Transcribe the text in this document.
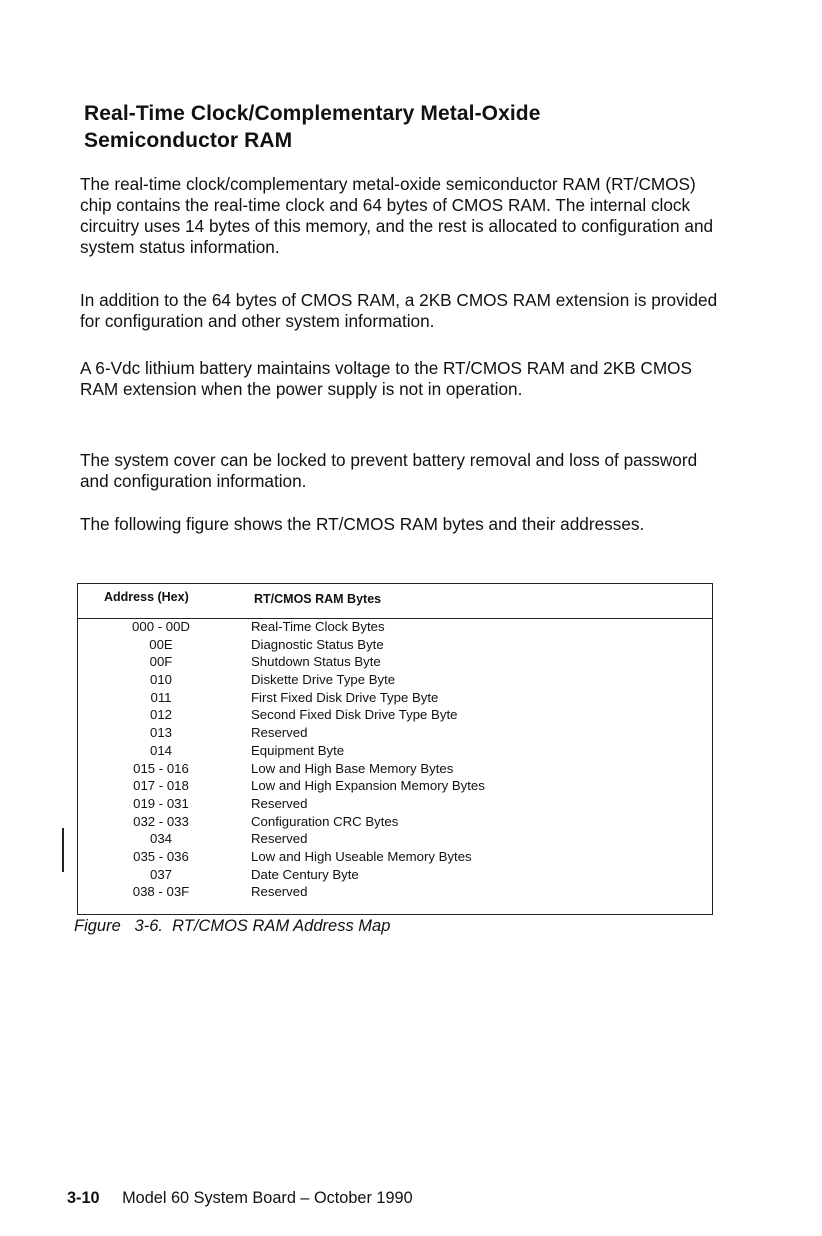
Real-Time Clock/Complementary Metal-Oxide
Semiconductor RAM
The real-time clock/complementary metal-oxide semiconductor RAM (RT/CMOS) chip contains the real-time clock and 64 bytes of CMOS RAM. The internal clock circuitry uses 14 bytes of this memory, and the rest is allocated to configuration and system status information.
In addition to the 64 bytes of CMOS RAM, a 2KB CMOS RAM extension is provided for configuration and other system information.
A 6-Vdc lithium battery maintains voltage to the RT/CMOS RAM and 2KB CMOS RAM extension when the power supply is not in operation.
The system cover can be locked to prevent battery removal and loss of password and configuration information.
The following figure shows the RT/CMOS RAM bytes and their addresses.
Address (Hex)	RT/CMOS RAM Bytes
000 - 00D	Real-Time Clock Bytes
00E	Diagnostic Status Byte
00F	Shutdown Status Byte
010	Diskette Drive Type Byte
011	First Fixed Disk Drive Type Byte
012	Second Fixed Disk Drive Type Byte
013	Reserved
014	Equipment Byte
015 - 016	Low and High Base Memory Bytes
017 - 018	Low and High Expansion Memory Bytes
019 - 031	Reserved
032 - 033	Configuration CRC Bytes
034	Reserved
035 - 036	Low and High Useable Memory Bytes
037	Date Century Byte
038 - 03F	Reserved
Figure 3-6. RT/CMOS RAM Address Map
3-10 Model 60 System Board – October 1990
